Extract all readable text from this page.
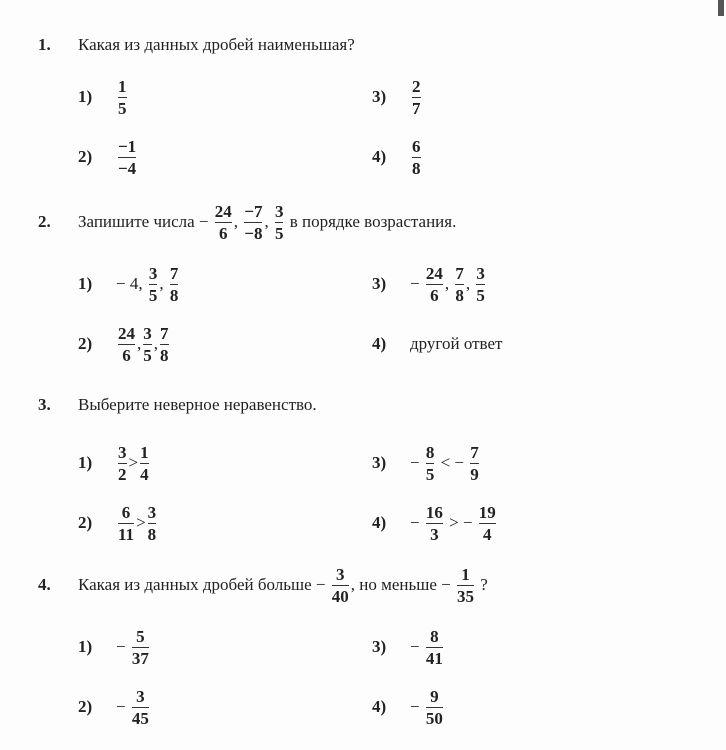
1.	Какая из данных дробей наименьшая?
1)	$\frac{1}{5}$
2)	$\frac{-1}{-4}$
3)	$\frac{2}{7}$
4)	$\frac{6}{8}$
2.	Запишите числа − $\frac{24}{6}$ , $\frac{-7}{-8}$ , $\frac{3}{5}$ в порядке возрастания.
1)	− 4, $\frac{3}{5}$ , $\frac{7}{8}$
2)	$\frac{24}{6}$ , $\frac{3}{5}$ , $\frac{7}{8}$
3)	− $\frac{24}{6}$ , $\frac{7}{8}$ , $\frac{3}{5}$
4)	другой ответ
3.	Выберите неверное неравенство.
1)	$\frac{3}{2} > \frac{1}{4}$
2)	$\frac{6}{11} > \frac{3}{8}$
3)	− $\frac{8}{5}$ < − $\frac{7}{9}$
4)	− $\frac{16}{3}$ > − $\frac{19}{4}$
4.	Какая из данных дробей больше − $\frac{3}{40}$ , но меньше − $\frac{1}{35}$ ?
1)	− $\frac{5}{37}$
2)	− $\frac{3}{45}$
3)	− $\frac{8}{41}$
4)	− $\frac{9}{50}$
